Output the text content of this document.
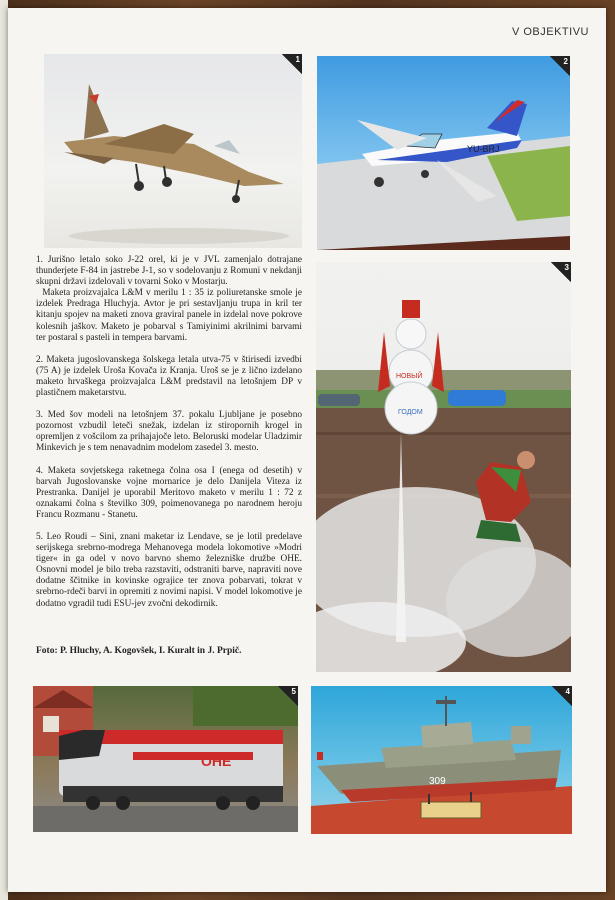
V OBJEKTIVU
1
YU-BRJ
2
НОВЫЙ
ГОДОМ
3
OHE
5
309
4

1. Jurišno letalo soko J-22 orel, ki je v JVL zamenjalo dotrajane thunderjete F-84 in jastrebe J-1, so v sodelovanju z Romuni v nekdanji skupni državi izdelovali v tovarni Soko v Mostarju.
Maketa proizvajalca L&M v merilu 1 : 35 iz poliuretanske smole je izdelek Predraga Hluchyja. Avtor je pri sestavljanju trupa in kril ter kitanju spojev na maketi znova graviral panele in izdelal nove pokrove kolesnih jaškov. Maketo je pobarval s Tamiyinimi akrilnimi barvami ter postaral s pasteli in tempera barvami.

2. Maketa jugoslovanskega šolskega letala utva-75 v štirisedi izvedbi (75 A) je izdelek Uroša Kovača iz Kranja. Uroš se je z lično izdelano maketo hrvaškega proizvajalca L&M predstavil na letošnjem DP v plastičnem maketarstvu.

3. Med šov modeli na letošnjem 37. pokalu Ljubljane je posebno pozornost vzbudil leteči snežak, izdelan iz stiropornih krogel in opremljen z vošcilom za prihajajoče leto. Beloruski modelar Uladzimir Minkevich je s tem nenavadnim modelom zasedel 3. mesto.

4. Maketa sovjetskega raketnega čolna osa I (enega od desetih) v barvah Jugoslovanske vojne mornarice je delo Danijela Viteza iz Prestranka. Danijel je uporabil Meritovo maketo v merilu 1 : 72 z oznakami čolna s številko 309, poimenovanega po narodnem heroju Francu Rozmanu - Stanetu.

5. Leo Roudi – Sini, znani maketar iz Lendave, se je lotil predelave serijskega srebrno-modrega Mehanovega modela lokomotive »Modri tiger« in ga odel v novo barvno shemo železniške družbe OHE. Osnovni model je bilo treba razstaviti, odstraniti barve, napraviti nove dodatne ščitnike in kovinske ograjice ter znova pobarvati, tokrat v srebrno-rdeči barvi in opremiti z novimi napisi. V model lokomotive je dodatno vgradil tudi ESU-jev zvočni dekodirnik.

Foto: P. Hluchy, A. Kogovšek, I. Kuralt in J. Prpič.
